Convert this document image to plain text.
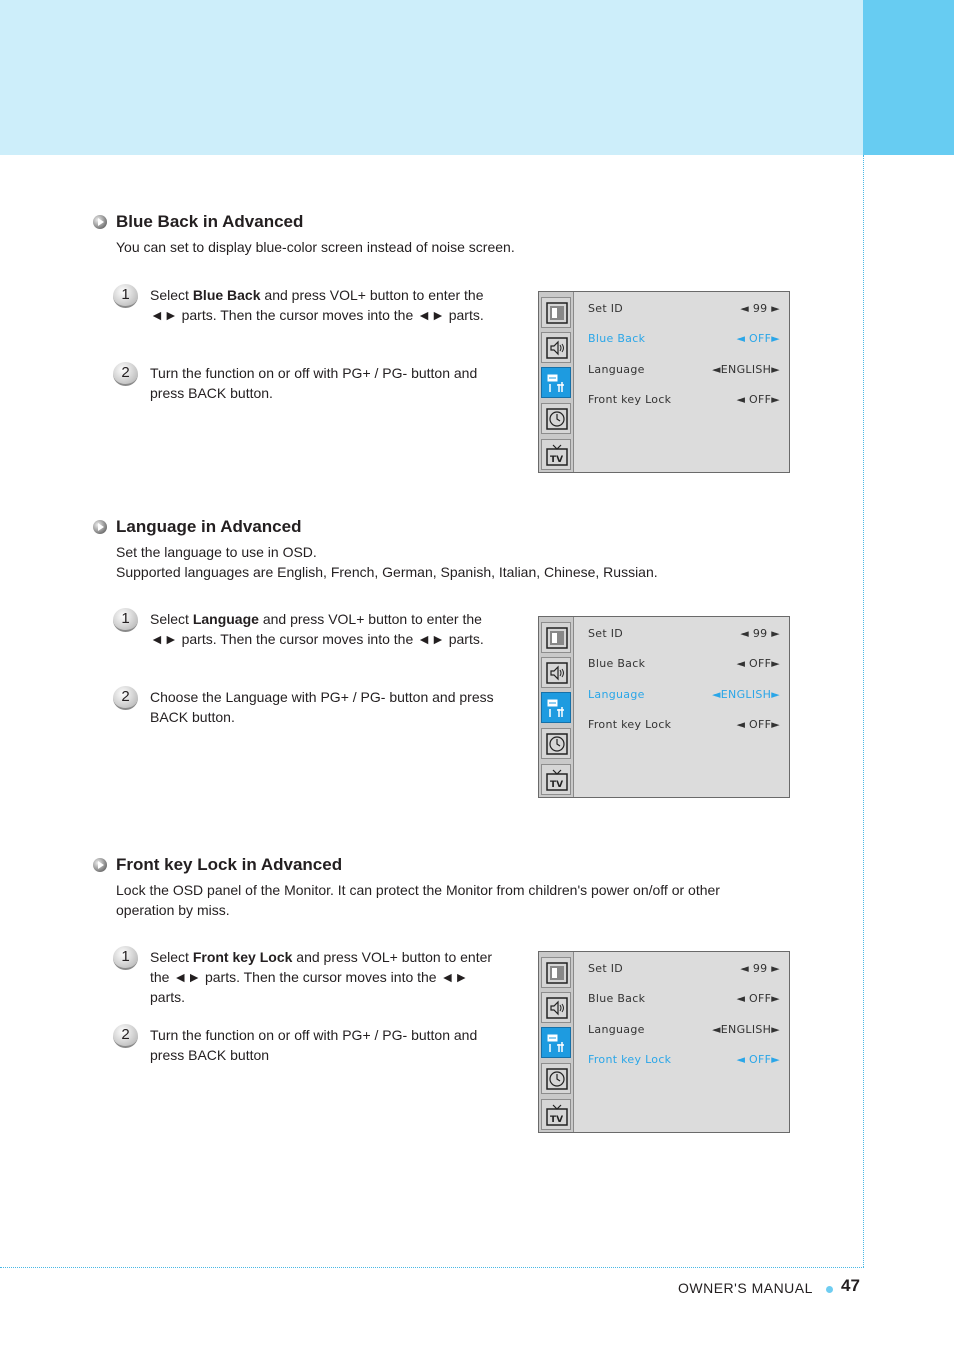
Blue Back in Advanced
You can set to display blue-color screen instead of noise screen.
1	Select Blue Back and press VOL+ button to enter the ◄► parts. Then the cursor moves into the ◄► parts.
2	Turn the function on or off with PG+ / PG- button and press BACK button.
TV
Set ID	◄ 99 ►
Blue Back	◄ OFF►
Language	◄ENGLISH►
Front key Lock	◄ OFF►
Language in Advanced
Set the language to use in OSD.
Supported languages are English, French, German, Spanish, Italian, Chinese, Russian.
1	Select Language and press VOL+ button to enter the ◄► parts. Then the cursor moves into the ◄► parts.
2	Choose the Language with PG+ / PG- button and press BACK button.
TV
Set ID	◄ 99 ►
Blue Back	◄ OFF►
Language	◄ENGLISH►
Front key Lock	◄ OFF►
Front key Lock in Advanced
Lock the OSD panel of the Monitor. It can protect the Monitor from children's power on/off or other
operation by miss.
1	Select Front key Lock and press VOL+ button to enter the ◄► parts. Then the cursor moves into the ◄► parts.
2	Turn the function on or off with PG+ / PG- button and press BACK button
TV
Set ID	◄ 99 ►
Blue Back	◄ OFF►
Language	◄ENGLISH►
Front key Lock	◄ OFF►
OWNER'S MANUAL 47
